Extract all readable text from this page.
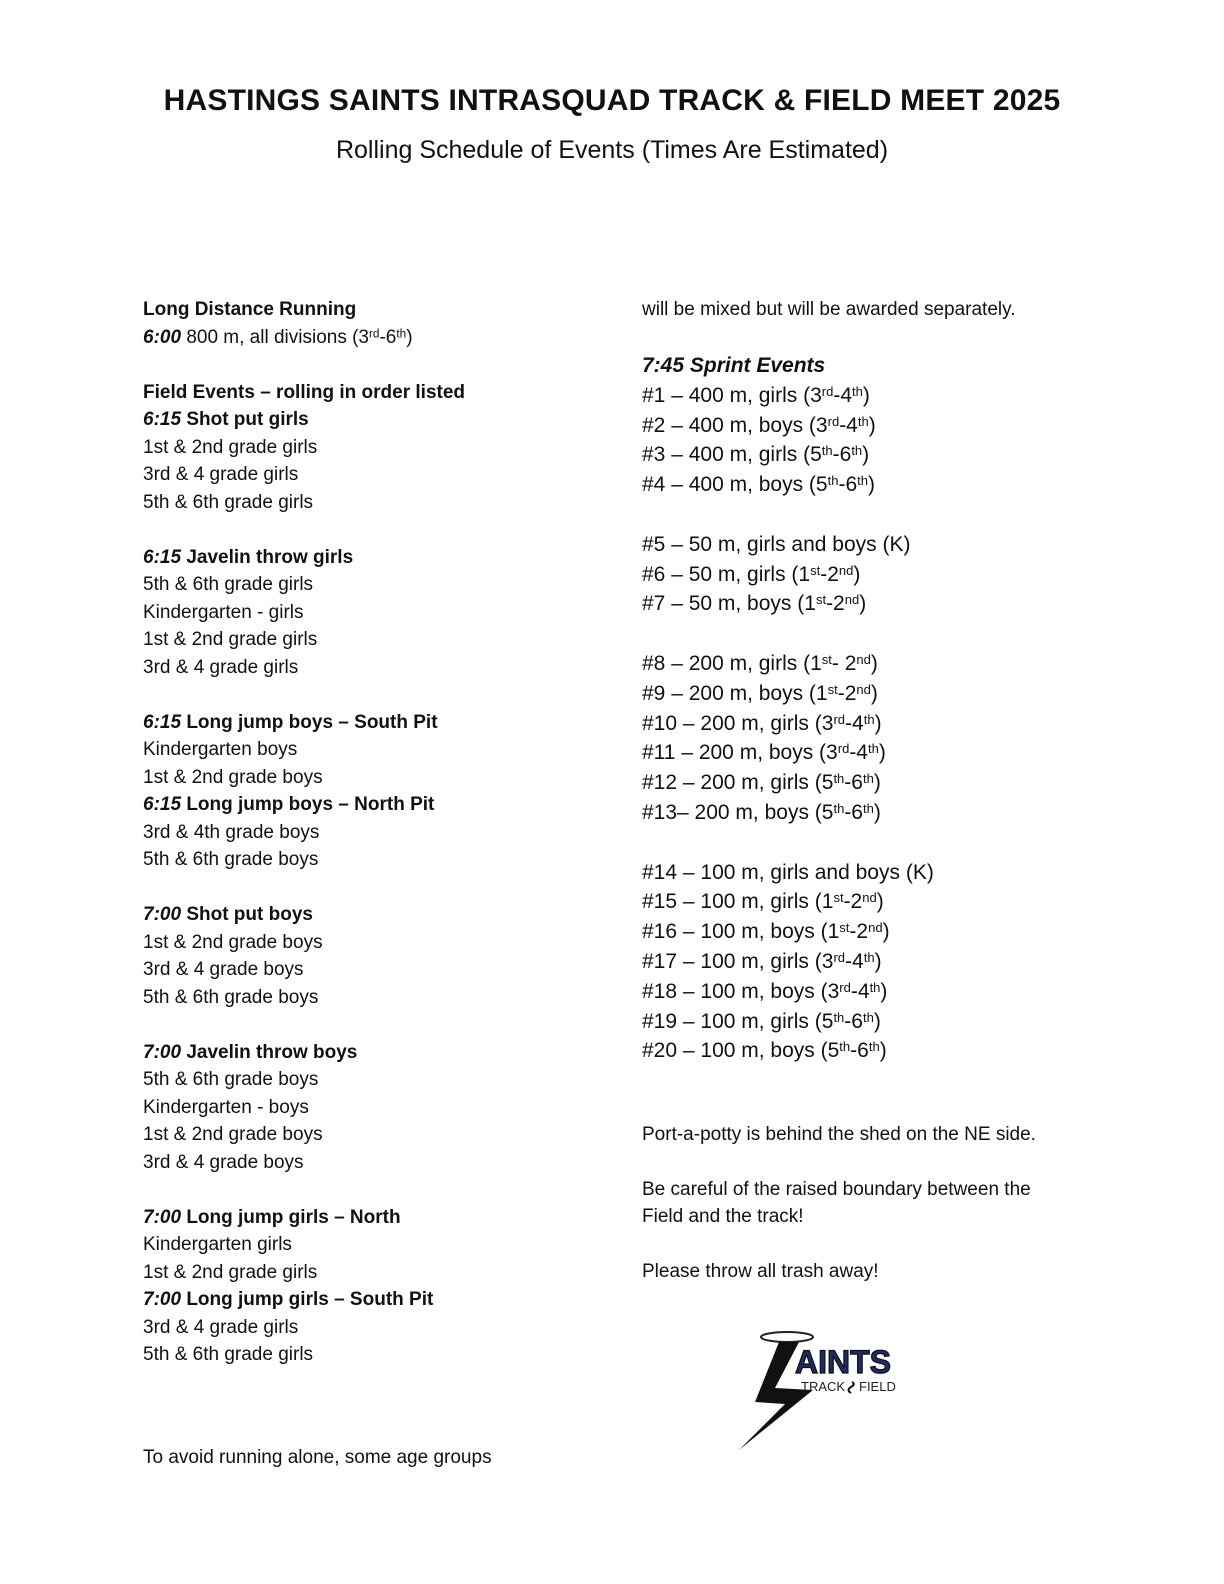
HASTINGS SAINTS INTRASQUAD TRACK & FIELD MEET 2025
Rolling Schedule of Events (Times Are Estimated)
Long Distance Running
6:00 800 m, all divisions (3rd-6th)
Field Events – rolling in order listed
6:15 Shot put girls
1st & 2nd grade girls
3rd & 4 grade girls
5th & 6th grade girls
6:15 Javelin throw girls
5th & 6th grade girls
Kindergarten - girls
1st & 2nd grade girls
3rd & 4 grade girls
6:15 Long jump boys – South Pit
Kindergarten boys
1st & 2nd grade boys
6:15 Long jump boys – North Pit
3rd & 4th grade boys
5th & 6th grade boys
7:00 Shot put boys
1st & 2nd grade boys
3rd & 4 grade boys
5th & 6th grade boys
7:00 Javelin throw boys
5th & 6th grade boys
Kindergarten - boys
1st & 2nd grade boys
3rd & 4 grade boys
7:00 Long jump girls – North
Kindergarten girls
1st & 2nd grade girls
7:00 Long jump girls – South Pit
3rd & 4 grade girls
5th & 6th grade girls
To avoid running alone, some age groups
will be mixed but will be awarded separately.
7:45 Sprint Events
#1 – 400 m, girls (3rd-4th)
#2 – 400 m, boys (3rd-4th)
#3 – 400 m, girls (5th-6th)
#4 – 400 m, boys (5th-6th)
#5 – 50 m, girls and boys (K)
#6 – 50 m, girls (1st-2nd)
#7 – 50 m, boys (1st-2nd)
#8 – 200 m, girls (1st- 2nd)
#9 – 200 m, boys (1st-2nd)
#10 – 200 m, girls (3rd-4th)
#11 – 200 m, boys (3rd-4th)
#12 – 200 m, girls (5th-6th)
#13– 200 m, boys (5th-6th)
#14 – 100 m, girls and boys (K)
#15 – 100 m, girls (1st-2nd)
#16 – 100 m, boys (1st-2nd)
#17 – 100 m, girls (3rd-4th)
#18 – 100 m, boys (3rd-4th)
#19 – 100 m, girls (5th-6th)
#20 – 100 m, boys (5th-6th)
Port-a-potty is behind the shed on the NE side.
Be careful of the raised boundary between the
Field and the track!
Please throw all trash away!
AINTS
TRACK FIELD
